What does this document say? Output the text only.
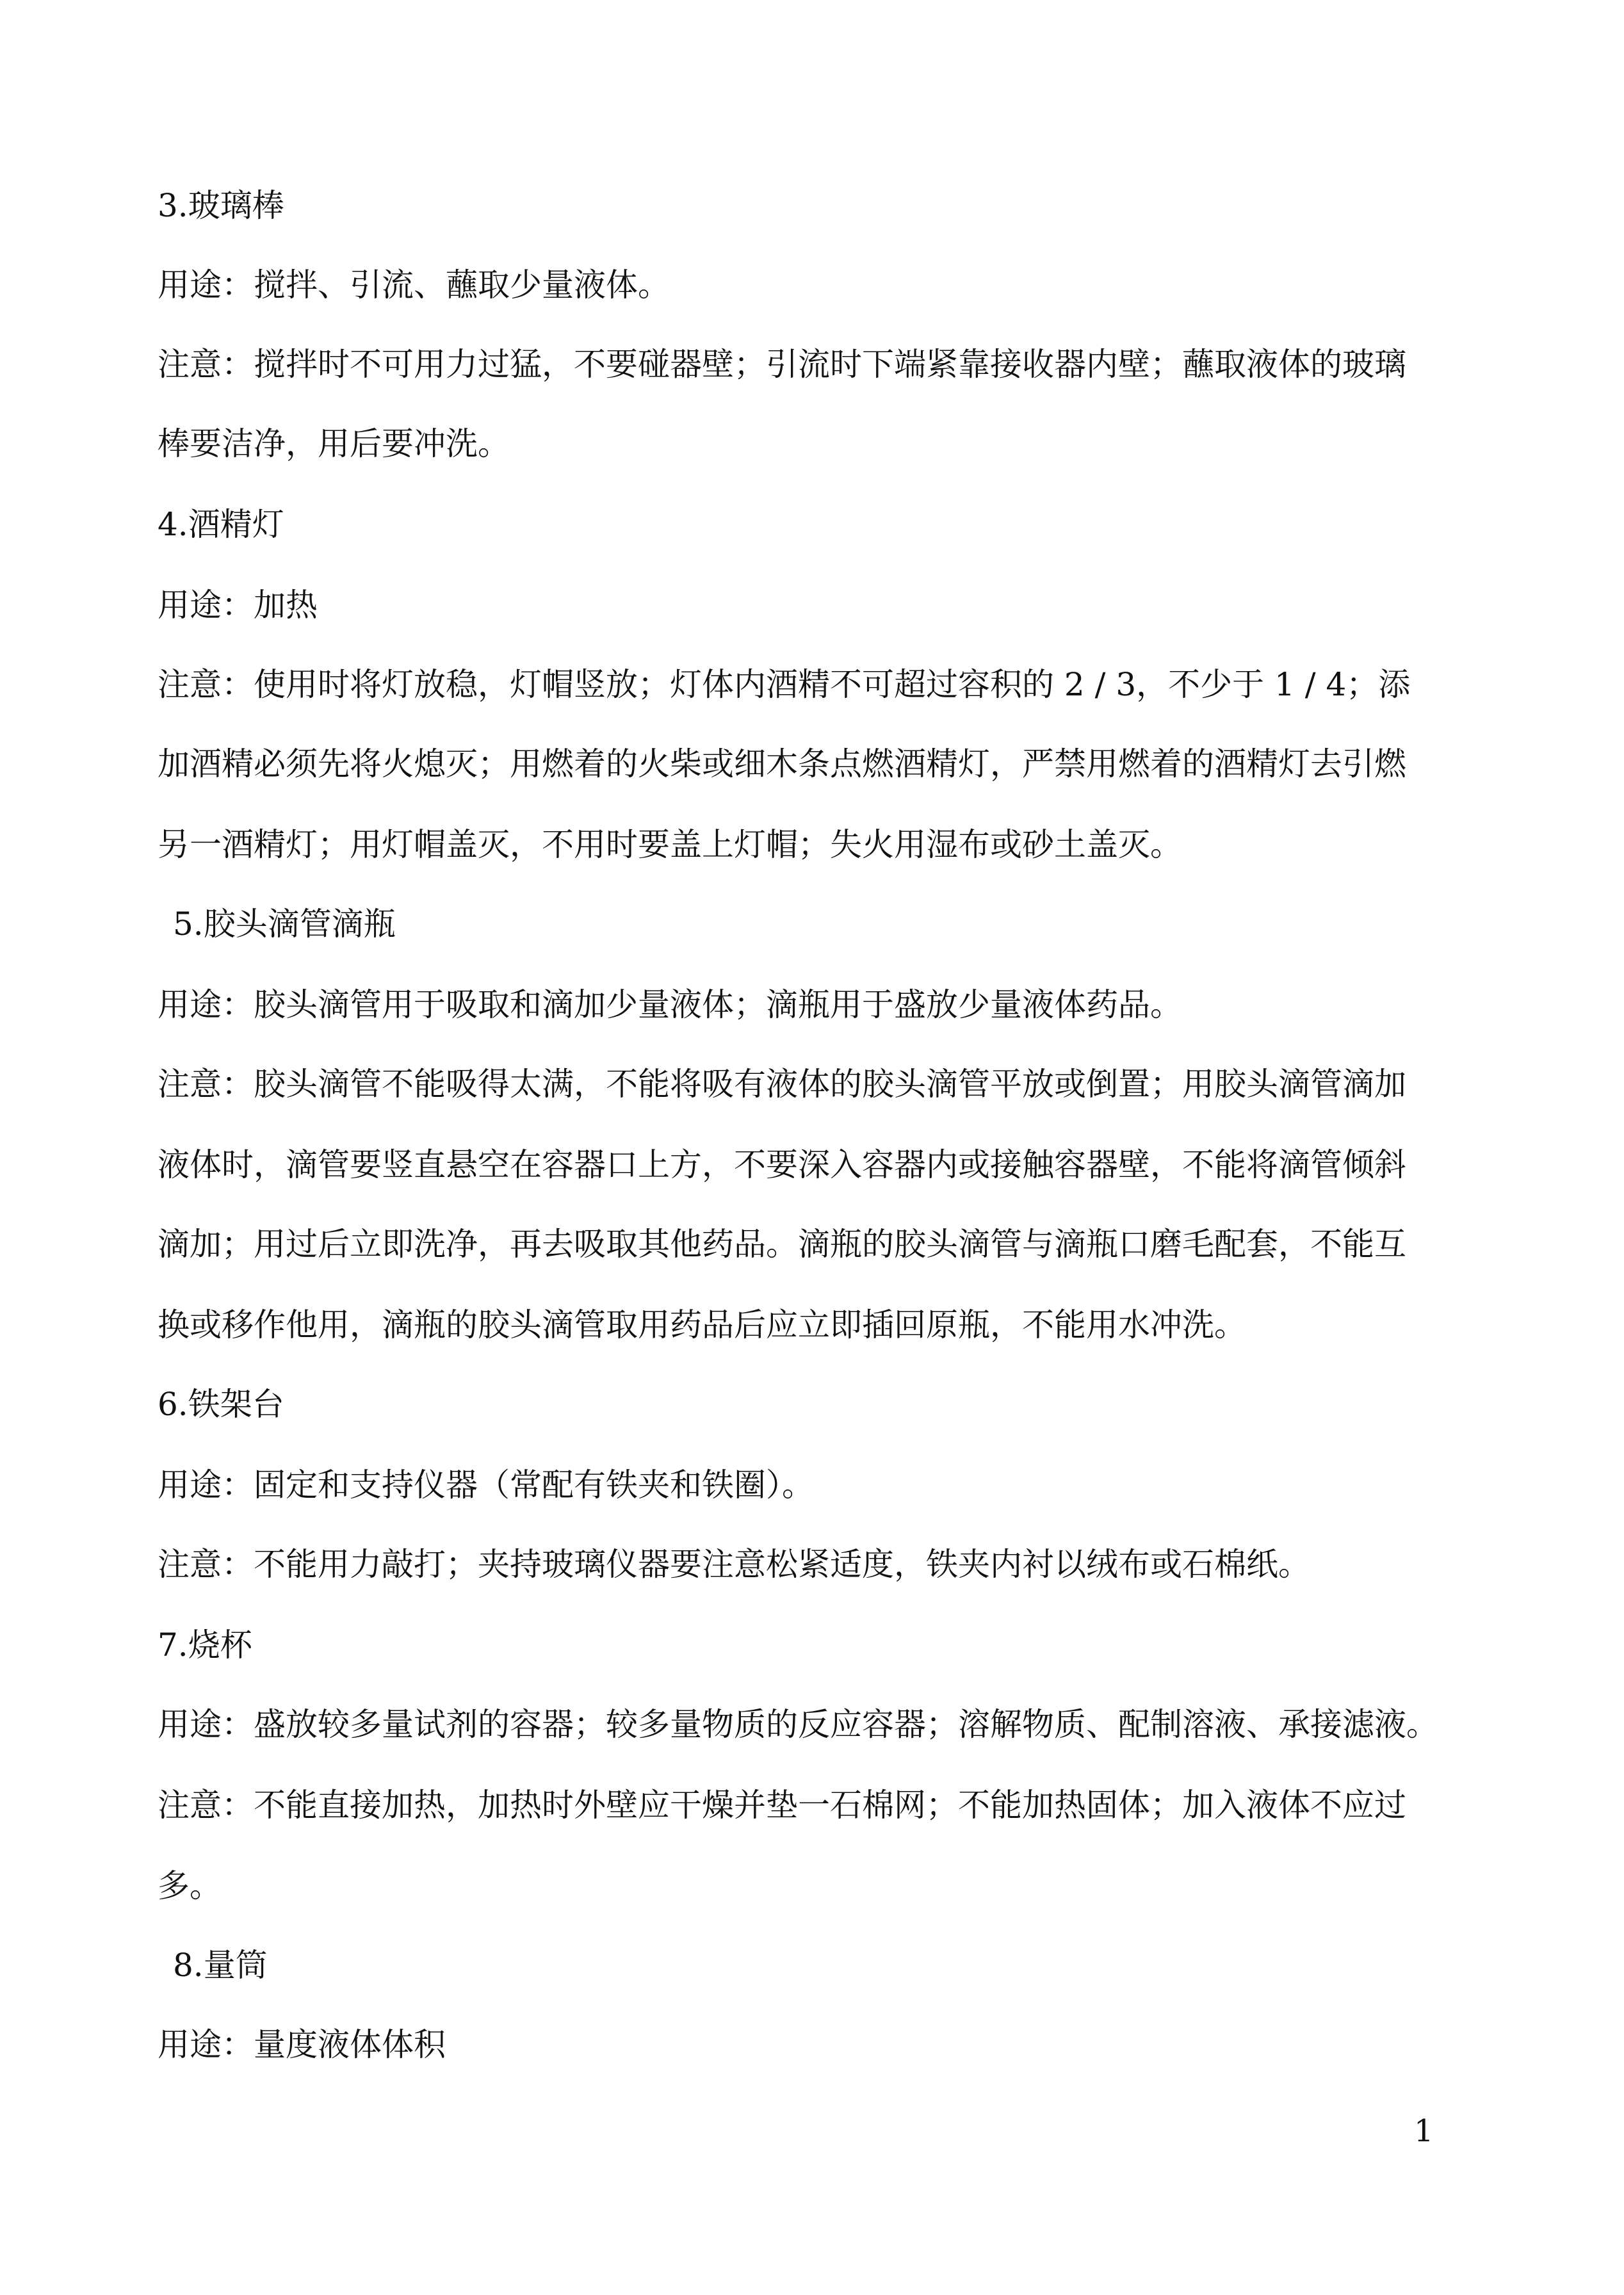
3.玻璃棒
用途：搅拌、引流、蘸取少量液体。
注意：搅拌时不可用力过猛，不要碰器壁；引流时下端紧靠接收器内壁；蘸取液体的玻璃
棒要洁净，用后要冲洗。
4.酒精灯
用途：加热
注意：使用时将灯放稳，灯帽竖放；灯体内酒精不可超过容积的 2 / 3，不少于 1 / 4；添
加酒精必须先将火熄灭；用燃着的火柴或细木条点燃酒精灯，严禁用燃着的酒精灯去引燃
另一酒精灯；用灯帽盖灭，不用时要盖上灯帽；失火用湿布或砂土盖灭。
5.胶头滴管滴瓶
用途：胶头滴管用于吸取和滴加少量液体；滴瓶用于盛放少量液体药品。
注意：胶头滴管不能吸得太满，不能将吸有液体的胶头滴管平放或倒置；用胶头滴管滴加
液体时，滴管要竖直悬空在容器口上方，不要深入容器内或接触容器壁，不能将滴管倾斜
滴加；用过后立即洗净，再去吸取其他药品。滴瓶的胶头滴管与滴瓶口磨毛配套，不能互
换或移作他用，滴瓶的胶头滴管取用药品后应立即插回原瓶，不能用水冲洗。
6.铁架台
用途：固定和支持仪器（常配有铁夹和铁圈）。
注意：不能用力敲打；夹持玻璃仪器要注意松紧适度，铁夹内衬以绒布或石棉纸。
7.烧杯
用途：盛放较多量试剂的容器；较多量物质的反应容器；溶解物质、配制溶液、承接滤液。
注意：不能直接加热，加热时外壁应干燥并垫一石棉网；不能加热固体；加入液体不应过
多。
8.量筒
用途：量度液体体积
1
